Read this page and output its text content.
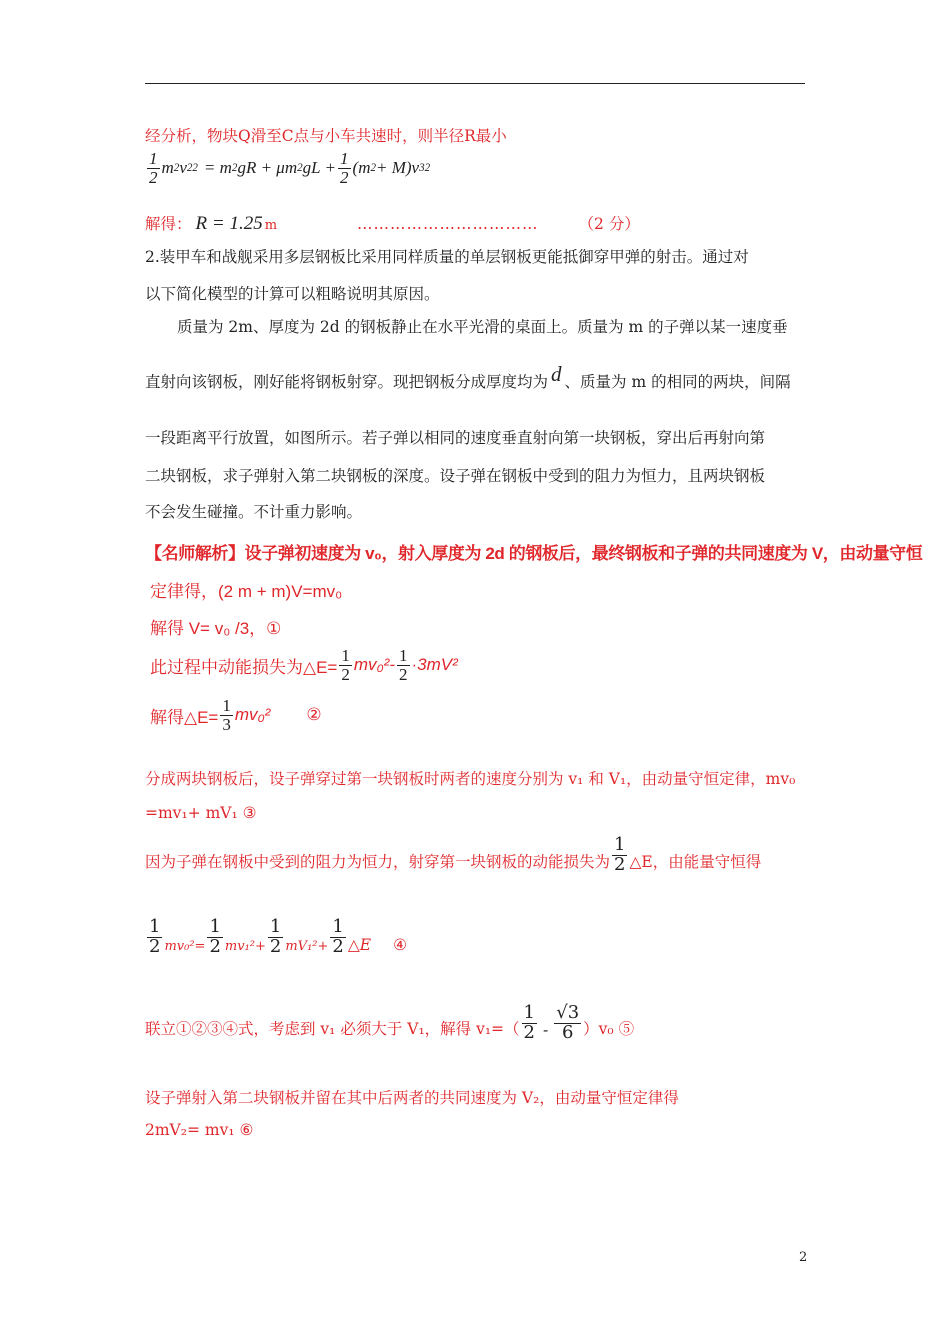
经分析，物块Q滑至C点与小车共速时，则半径R最小
$\frac{1}{2}$ m 2 v 2 2 = m 2 gR + μm 2 gL + $\frac{1}{2} (m$ 2 + M)v 3 2
解得： R = 1.25 m	……………………………	（2 分）
2.装甲车和战舰采用多层钢板比采用同样质量的单层钢板更能抵御穿甲弹的射击。通过对
以下简化模型的计算可以粗略说明其原因。
质量为 2m、厚度为 2d 的钢板静止在水平光滑的桌面上。质量为 m 的子弹以某一速度垂
直射向该钢板，刚好能将钢板射穿。现把钢板分成厚度均为 d 、质量为 m 的相同的两块，间隔
一段距离平行放置，如图所示。若子弹以相同的速度垂直射向第一块钢板，穿出后再射向第
二块钢板，求子弹射入第二块钢板的深度。设子弹在钢板中受到的阻力为恒力，且两块钢板
不会发生碰撞。不计重力影响。
【名师解析】设子弹初速度为 v₀，射入厚度为 2d 的钢板后，最终钢板和子弹的共同速度为 V，由动量守恒
定律得，(2 m + m)V=mv₀
解得 V= v₀ /3，①
此过程中动能损失为△E= $\frac{1}{2} mv_0^2- \frac{1}{2} \cdot 3mV^2$
解得△E= $\frac{1}{3} mv_0^2$ ②
分成两块钢板后，设子弹穿过第一块钢板时两者的速度分别为 v₁ 和 V₁，由动量守恒定律，mv₀
=mv₁+ mV₁ ③
因为子弹在钢板中受到的阻力为恒力，射穿第一块钢板的动能损失为 $\frac{1}{2}$ △E，由能量守恒得
$\frac{1}{2} mv_0^2= \frac{1}{2} mv_1^2+ \frac{1}{2} mV_1^2+ \frac{1}{2}$ △E ④
联立①②③④式，考虑到 v₁ 必须大于 V₁，解得 $v_1=( \frac{1}{2} - \frac{√3}{6} )v_0$ ⑤
设子弹射入第二块钢板并留在其中后两者的共同速度为 V₂，由动量守恒定律得
2mV₂= mv₁ ⑥
2
